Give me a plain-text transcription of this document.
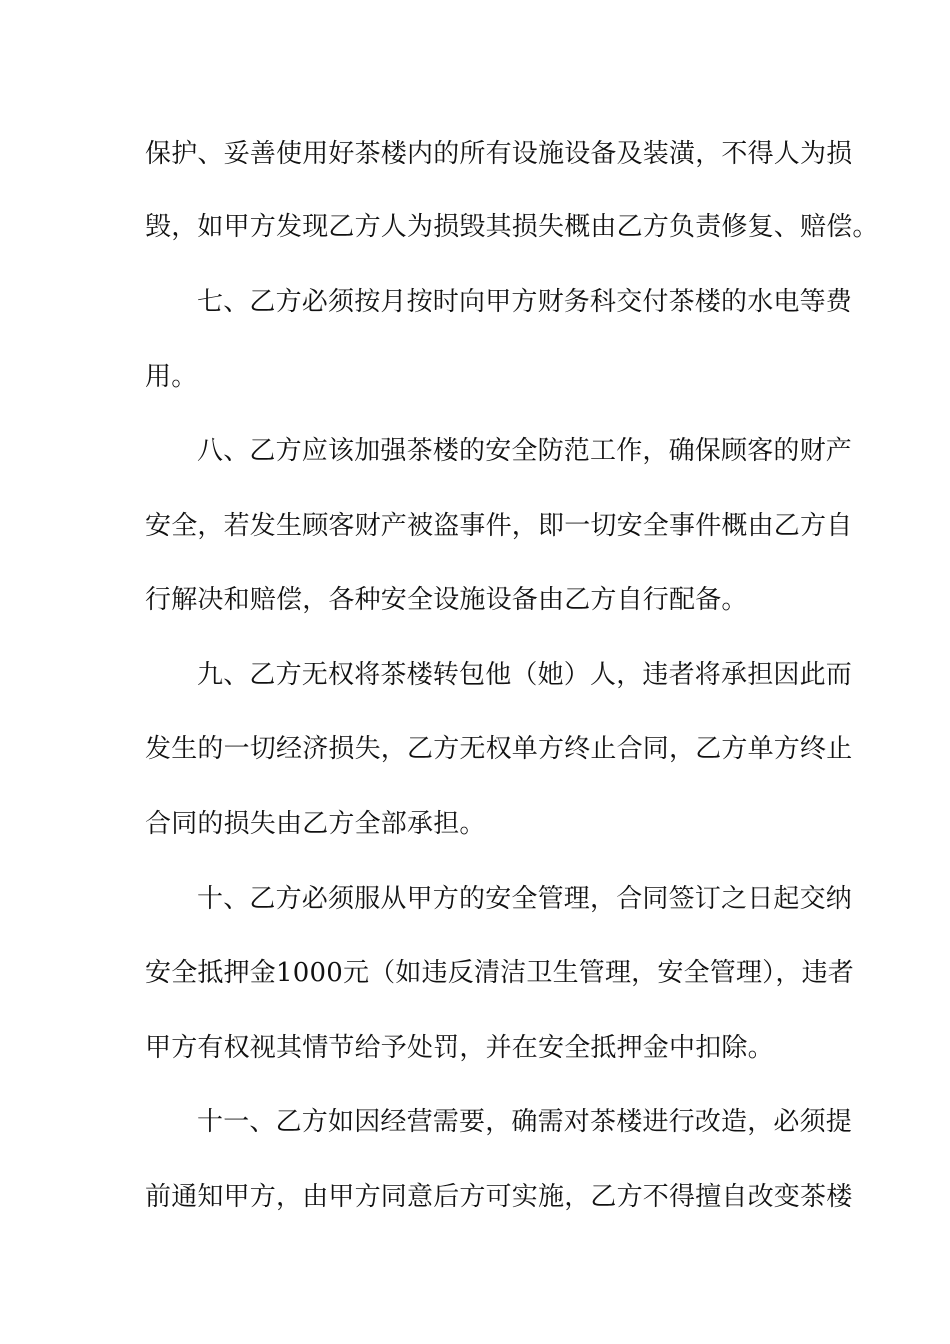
保护、妥善使用好茶楼内的所有设施设备及装潢，不得人为损
毁，如甲方发现乙方人为损毁其损失概由乙方负责修复、赔偿。
七、乙方必须按月按时向甲方财务科交付茶楼的水电等费
用。
八、乙方应该加强茶楼的安全防范工作，确保顾客的财产
安全，若发生顾客财产被盗事件，即一切安全事件概由乙方自
行解决和赔偿，各种安全设施设备由乙方自行配备。
九、乙方无权将茶楼转包他（她）人，违者将承担因此而
发生的一切经济损失，乙方无权单方终止合同，乙方单方终止
合同的损失由乙方全部承担。
十、乙方必须服从甲方的安全管理，合同签订之日起交纳
安全抵押金1000元（如违反清洁卫生管理，安全管理），违者
甲方有权视其情节给予处罚，并在安全抵押金中扣除。
十一、乙方如因经营需要，确需对茶楼进行改造，必须提
前通知甲方，由甲方同意后方可实施，乙方不得擅自改变茶楼
